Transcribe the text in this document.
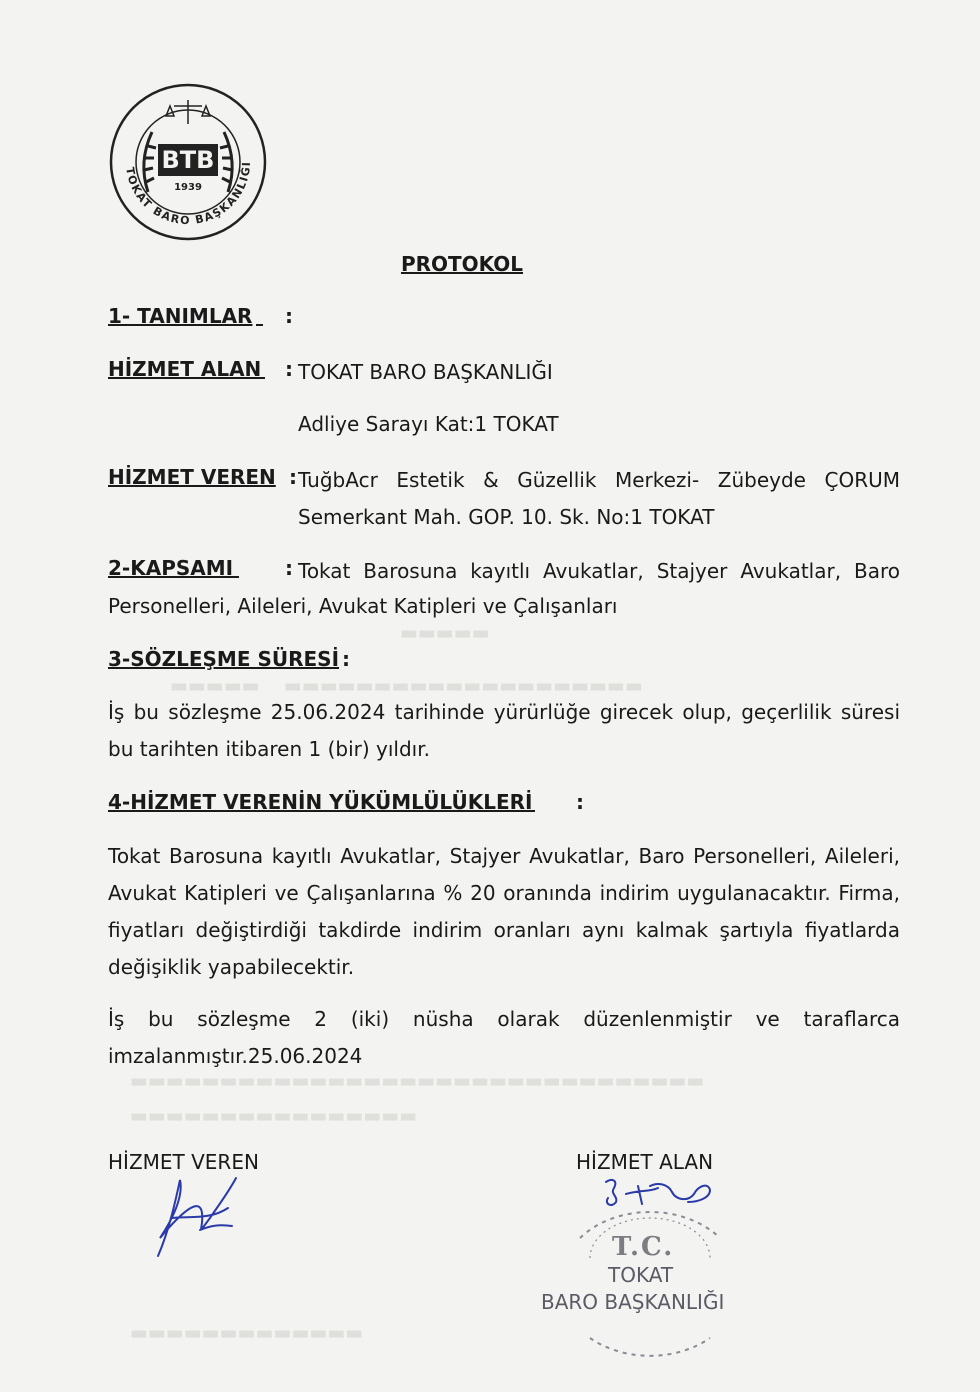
▬▬▬▬▬
▬▬▬▬▬    ▬▬▬▬▬▬▬▬▬▬▬▬▬▬▬▬▬▬▬▬
▬▬▬▬▬▬▬▬▬▬▬▬▬▬▬▬▬▬▬▬▬▬▬▬▬▬▬▬▬▬▬▬
▬▬▬▬▬▬▬▬▬▬▬▬▬▬▬▬
▬▬▬▬▬▬▬▬▬▬▬▬▬
BTB
1939
TOKAT BARO BAŞKANLIĞI
PROTOKOL
1- TANIMLAR
:
HİZMET ALAN
: TOKAT BARO BAŞKANLIĞI
Adliye Sarayı Kat:1 TOKAT
HİZMET VEREN : TuğbAcr Estetik & Güzellik Merkezi- Zübeyde ÇORUM
Semerkant Mah. GOP. 10. Sk. No:1 TOKAT
2-KAPSAMI
	: Tokat Barosuna kayıtlı Avukatlar, Stajyer Avukatlar, Baro
Personelleri, Aileleri, Avukat Katipleri ve Çalışanları
3-SÖZLEŞME SÜRESİ :
İş bu sözleşme 25.06.2024 tarihinde yürürlüğe girecek olup, geçerlilik süresi bu tarihten itibaren 1 (bir) yıldır.
4-HİZMET VERENİN YÜKÜMLÜLÜKLERİ
:
Tokat Barosuna kayıtlı Avukatlar, Stajyer Avukatlar, Baro Personelleri, Aileleri, Avukat Katipleri ve Çalışanlarına % 20 oranında indirim uygulanacaktır. Firma, fiyatları değiştirdiği takdirde indirim oranları aynı kalmak şartıyla fiyatlarda değişiklik yapabilecektir.
İş bu sözleşme 2 (iki) nüsha olarak düzenlenmiştir ve taraflarca imzalanmıştır.25.06.2024
HİZMET VEREN	HİZMET ALAN
T.C.
TOKAT
BARO BAŞKANLIĞI
